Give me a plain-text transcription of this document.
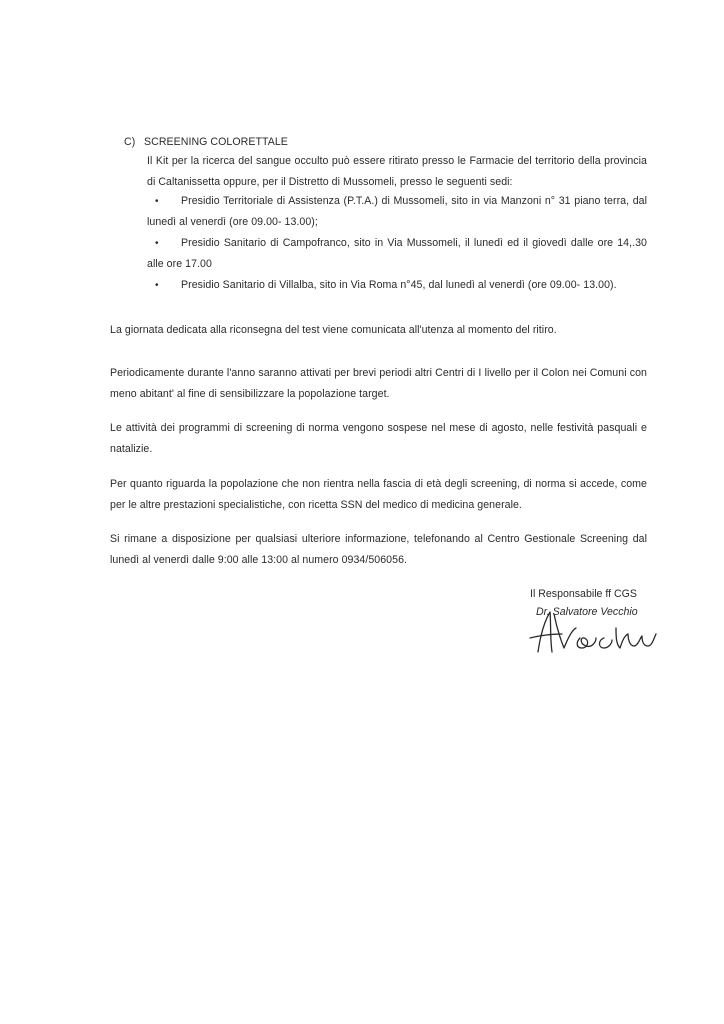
C) SCREENING COLORETTALE
Il Kit per la ricerca del sangue occulto può essere ritirato presso le Farmacie del territorio della provincia di Caltanissetta oppure, per il Distretto di Mussomeli, presso le seguenti sedi:
•	Presidio Territoriale di Assistenza (P.T.A.) di Mussomeli, sito in via Manzoni n° 31 piano terra, dal lunedì al venerdì (ore 09.00- 13.00);
•	Presidio Sanitario di Campofranco, sito in Via Mussomeli, il lunedì ed il giovedì dalle ore 14,.30 alle ore 17.00
•	Presidio Sanitario di Villalba, sito in Via Roma n°45, dal lunedì al venerdì (ore 09.00- 13.00).
La giornata dedicata alla riconsegna del test viene comunicata all'utenza al momento del ritiro.
Periodicamente durante l'anno saranno attivati per brevi periodi altri Centri di I livello per il Colon nei Comuni con meno abitant' al fine di sensibilizzare la popolazione target.
Le attività dei programmi di screening di norma vengono sospese nel mese di agosto, nelle festività pasquali e natalizie.
Per quanto riguarda la popolazione che non rientra nella fascia di età degli screening, di norma si accede, come per le altre prestazioni specialistiche, con ricetta SSN del medico di medicina generale.
Si rimane a disposizione per qualsiasi ulteriore informazione, telefonando al Centro Gestionale Screening dal lunedì al venerdì dalle 9:00 alle 13:00 al numero 0934/506056.
Il Responsabile ff CGS
Dr. Salvatore Vecchio
